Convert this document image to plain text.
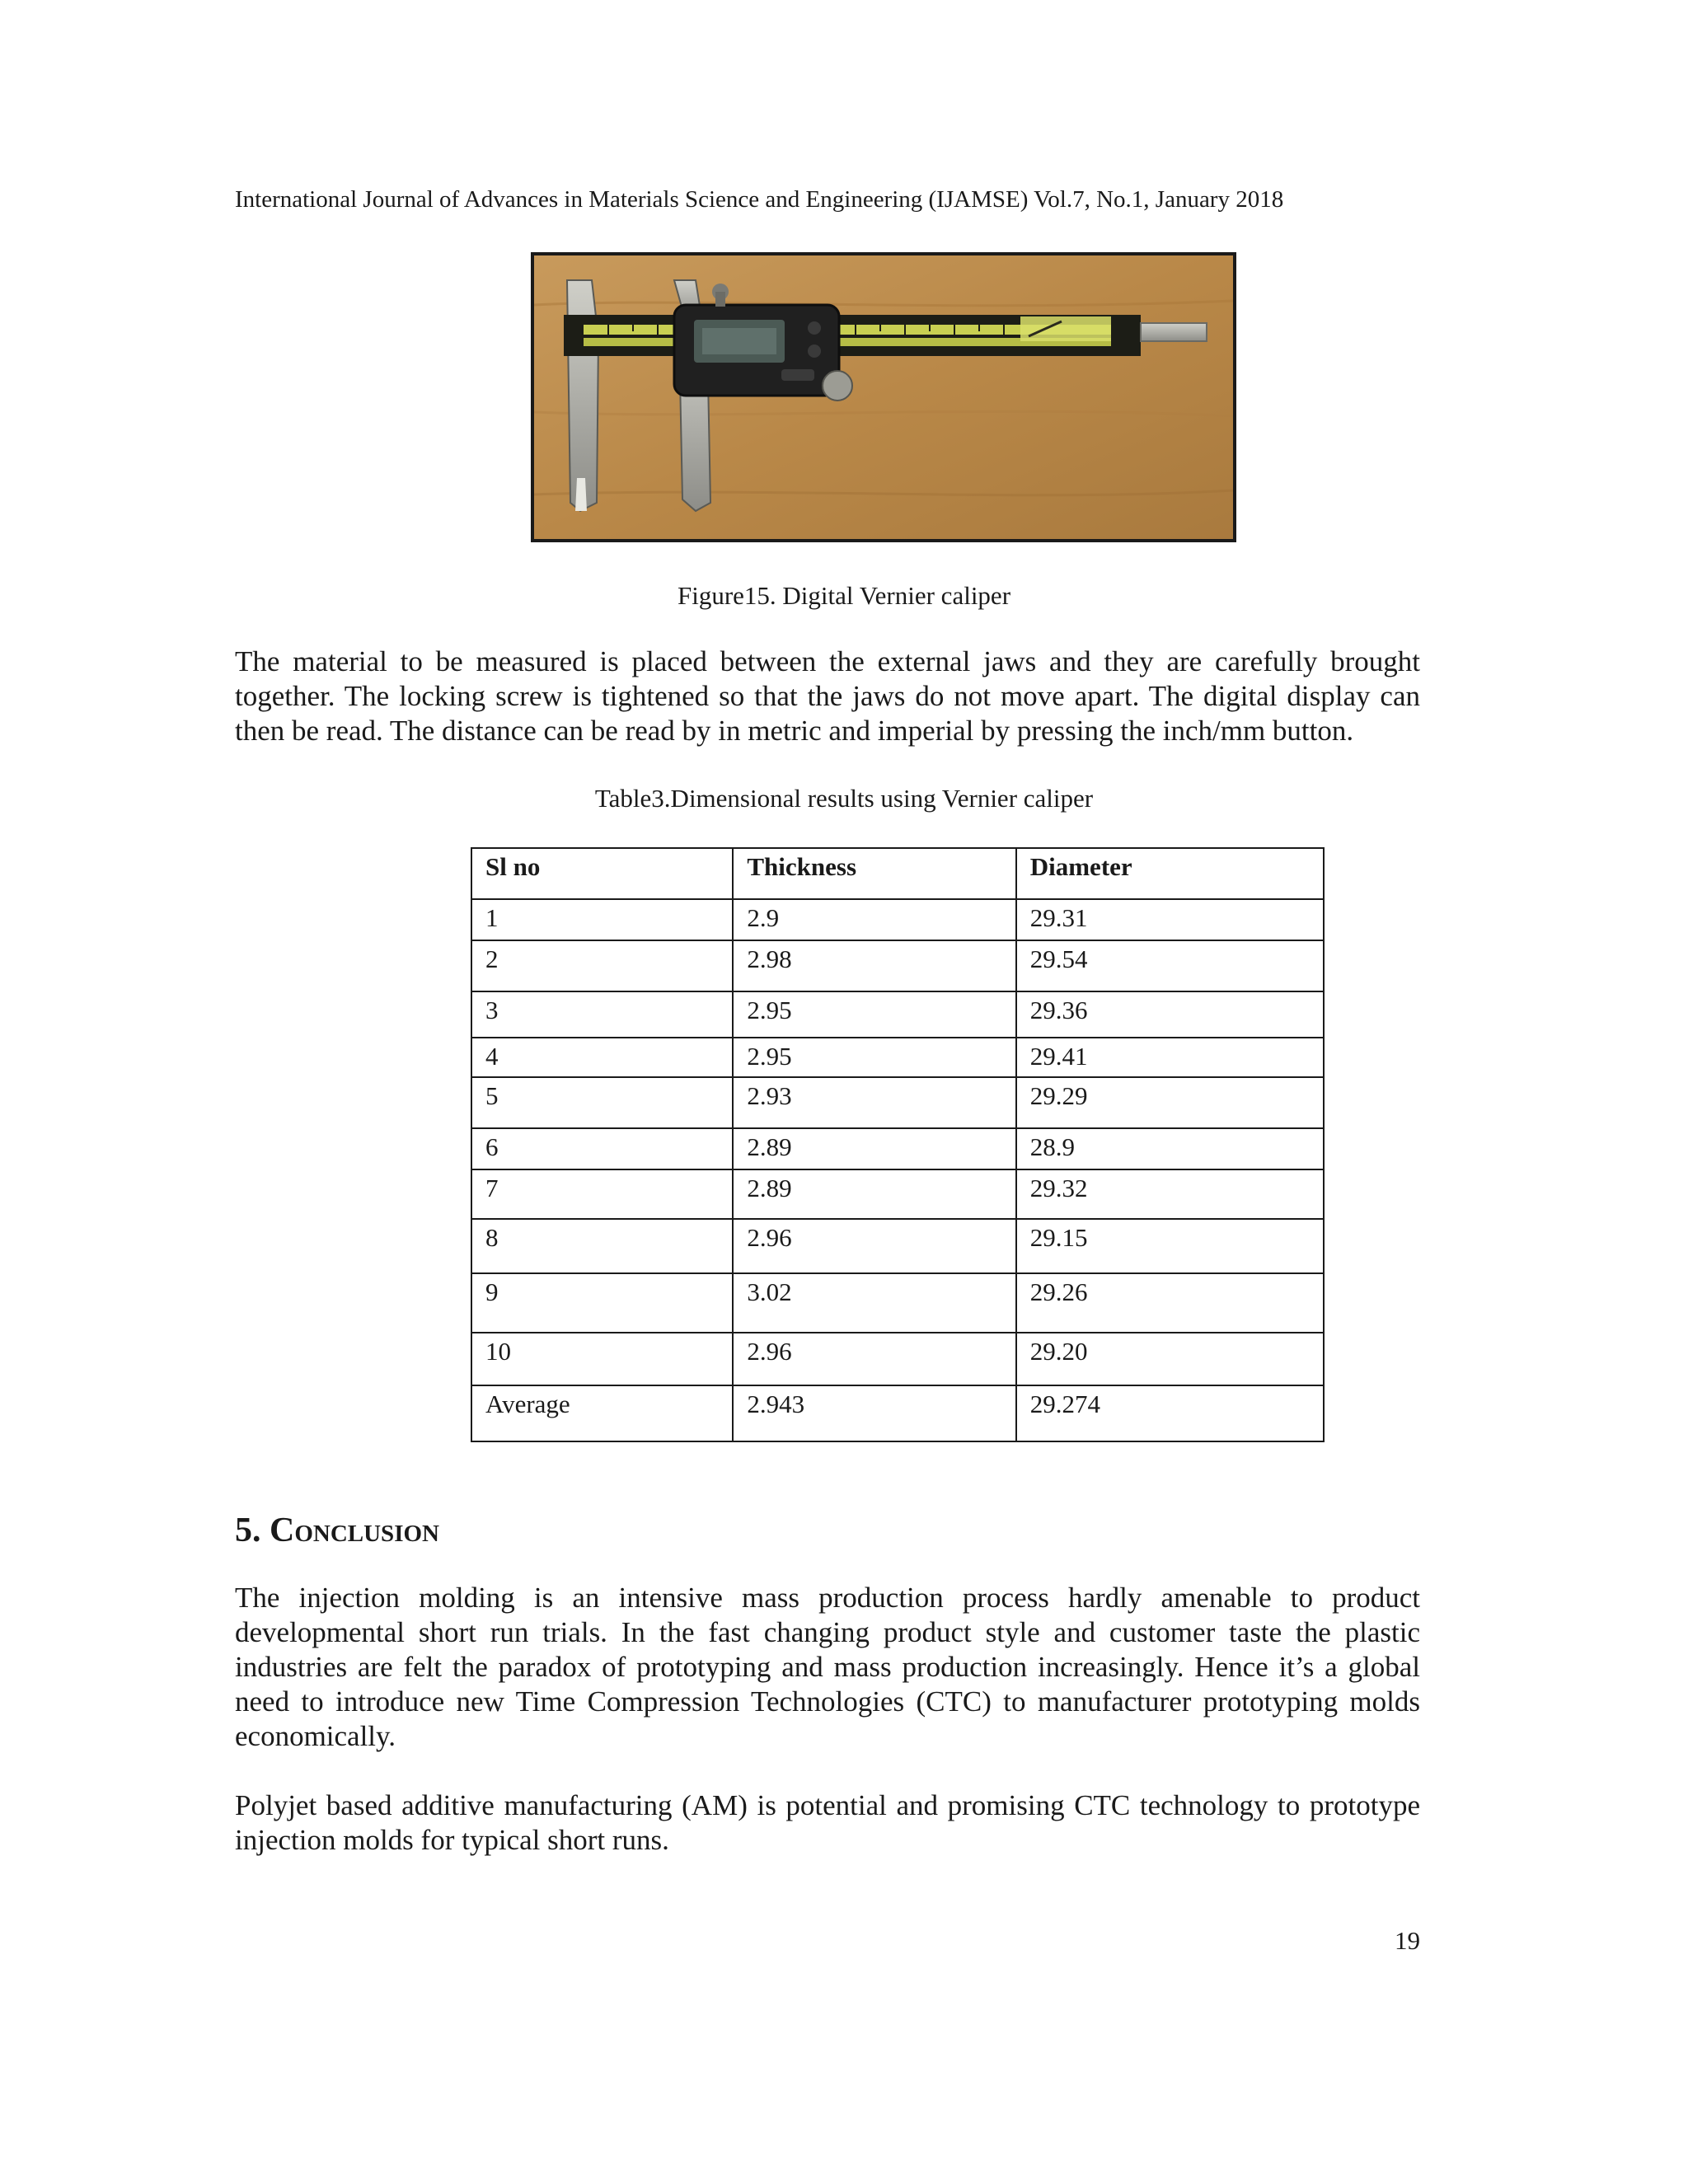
International Journal of Advances in Materials Science and Engineering (IJAMSE) Vol.7, No.1, January 2018
Figure15. Digital Vernier caliper

The material to be measured is placed between the external jaws and they are carefully brought together. The locking screw is tightened so that the jaws do not move apart. The digital display can then be read. The distance can be read by in metric and imperial by pressing the inch/mm button.

Table3.Dimensional results using Vernier caliper
Sl no	Thickness	Diameter
1	2.9	29.31
2	2.98	29.54
3	2.95	29.36
4	2.95	29.41
5	2.93	29.29
6	2.89	28.9
7	2.89	29.32
8	2.96	29.15
9	3.02	29.26
10	2.96	29.20
Average	2.943	29.274
5. Conclusion

The injection molding is an intensive mass production process hardly amenable to product developmental short run trials. In the fast changing product style and customer taste the plastic industries are felt the paradox of prototyping and mass production increasingly. Hence it’s a global need to introduce new Time Compression Technologies (CTC) to manufacturer prototyping molds economically.

Polyjet based additive manufacturing (AM) is potential and promising CTC technology to prototype injection molds for typical short runs.

19
